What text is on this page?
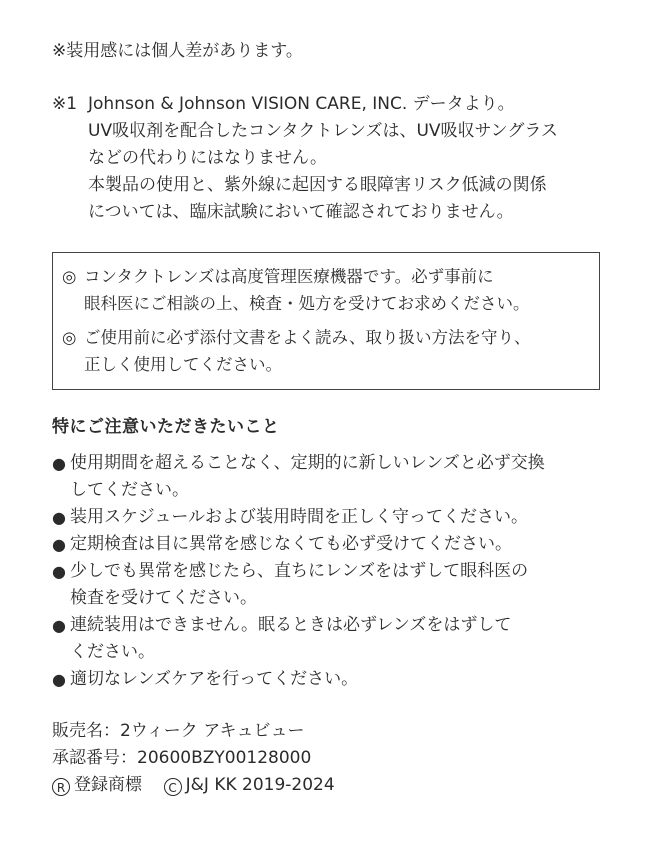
※装用感には個人差があります。

※1 Johnson & Johnson VISION CARE, INC. データより。
UV吸収剤を配合したコンタクトレンズは、UV吸収サングラス
などの代わりにはなりません。
本製品の使用と、紫外線に起因する眼障害リスク低減の関係
については、臨床試験において確認されておりません。
◎ コンタクトレンズは高度管理医療機器です。必ず事前に
眼科医にご相談の上、検査・処方を受けてお求めください。
◎ ご使用前に必ず添付文書をよく読み、取り扱い方法を守り、
正しく使用してください。
特にご注意いただきたいこと
● 使用期間を超えることなく、定期的に新しいレンズと必ず交換
してください。
● 装用スケジュールおよび装用時間を正しく守ってください。
● 定期検査は目に異常を感じなくても必ず受けてください。
● 少しでも異常を感じたら、直ちにレンズをはずして眼科医の
検査を受けてください。
● 連続装用はできません。眠るときは必ずレンズをはずして
ください。
● 適切なレンズケアを行ってください。
販売名：2ウィーク アキュビュー
承認番号：20600BZY00128000
R 登録商標 C J&J KK 2019-2024
